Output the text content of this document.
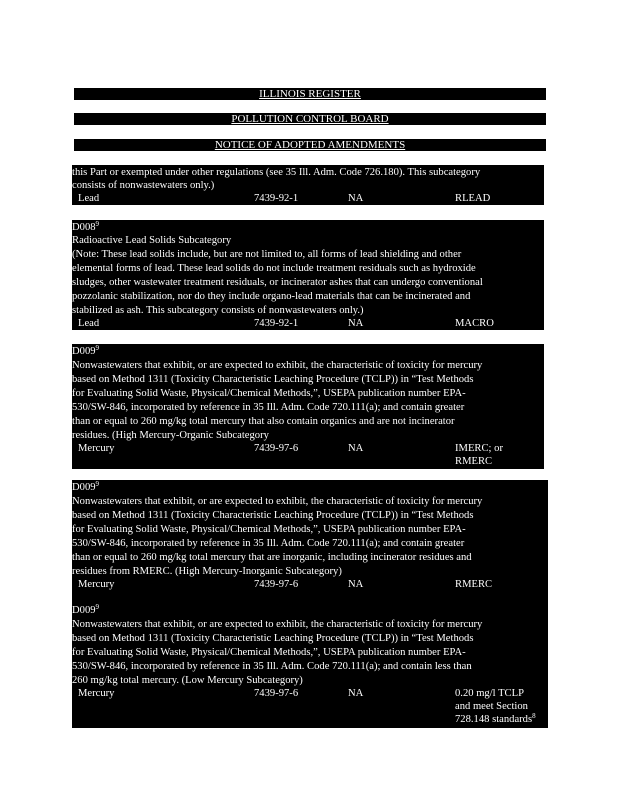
ILLINOIS REGISTER
POLLUTION CONTROL BOARD
NOTICE OF ADOPTED AMENDMENTS
this Part or exempted under other regulations (see 35 Ill. Adm. Code 726.180). This subcategory
consists of nonwastewaters only.)
Lead	7439-92-1	NA	RLEAD
$D008^9$
Radioactive Lead Solids Subcategory
(Note: These lead solids include, but are not limited to, all forms of lead shielding and other
elemental forms of lead. These lead solids do not include treatment residuals such as hydroxide
sludges, other wastewater treatment residuals, or incinerator ashes that can undergo conventional
pozzolanic stabilization, nor do they include organo-lead materials that can be incinerated and
stabilized as ash. This subcategory consists of nonwastewaters only.)
Lead	7439-92-1	NA	MACRO
$D009^9$
Nonwastewaters that exhibit, or are expected to exhibit, the characteristic of toxicity for mercury
based on Method 1311 (Toxicity Characteristic Leaching Procedure (TCLP)) in “Test Methods
for Evaluating Solid Waste, Physical/Chemical Methods,”, USEPA publication number EPA-
530/SW-846, incorporated by reference in 35 Ill. Adm. Code 720.111(a); and contain greater
than or equal to 260 mg/kg total mercury that also contain organics and are not incinerator
residues. (High Mercury-Organic Subcategory
Mercury	7439-97-6	NA	IMERC; or
RMERC
$D009^9$
Nonwastewaters that exhibit, or are expected to exhibit, the characteristic of toxicity for mercury
based on Method 1311 (Toxicity Characteristic Leaching Procedure (TCLP)) in “Test Methods
for Evaluating Solid Waste, Physical/Chemical Methods,”, USEPA publication number EPA-
530/SW-846, incorporated by reference in 35 Ill. Adm. Code 720.111(a); and contain greater
than or equal to 260 mg/kg total mercury that are inorganic, including incinerator residues and
residues from RMERC. (High Mercury-Inorganic Subcategory)
Mercury	7439-97-6	NA	RMERC
$D009^9$
Nonwastewaters that exhibit, or are expected to exhibit, the characteristic of toxicity for mercury
based on Method 1311 (Toxicity Characteristic Leaching Procedure (TCLP)) in “Test Methods
for Evaluating Solid Waste, Physical/Chemical Methods,”, USEPA publication number EPA-
530/SW-846, incorporated by reference in 35 Ill. Adm. Code 720.111(a); and contain less than
260 mg/kg total mercury. (Low Mercury Subcategory)
Mercury	7439-97-6	NA	0.20 mg/l TCLP
and meet Section
728.148 standards$^8$
